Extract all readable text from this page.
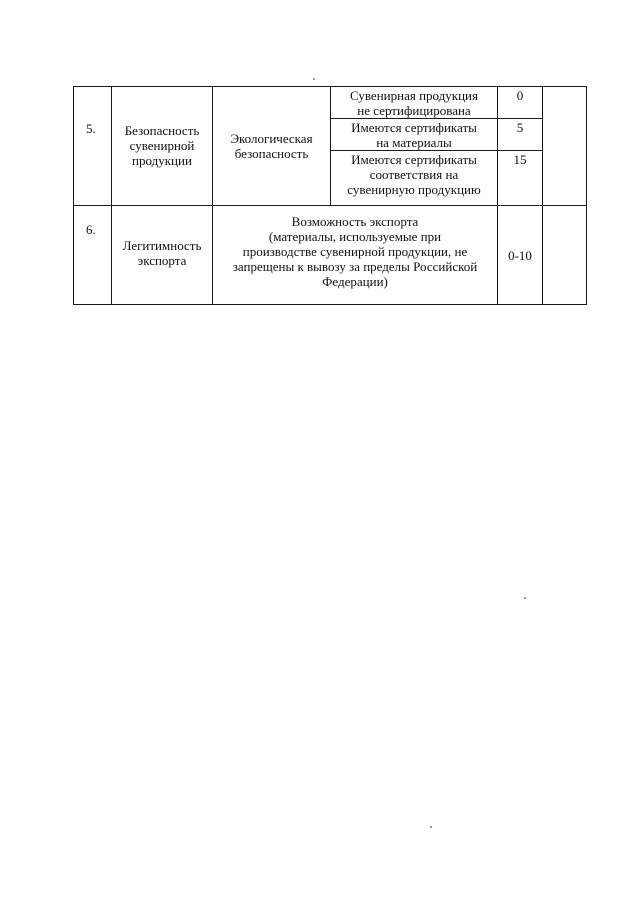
5.	Безопасность
сувенирной
продукции	Экологическая
безопасность	Сувенирная продукция
не сертифицирована	0	

			Имеются сертификаты
на материалы	5	

			Имеются сертификаты
соответствия на
сувенирную продукцию	15	
6.	Легитимность
экспорта	Возможность экспорта
(материалы, используемые при
производстве сувенирной продукции, не
запрещены к вывозу за пределы Российской
Федерации)		0-10	
